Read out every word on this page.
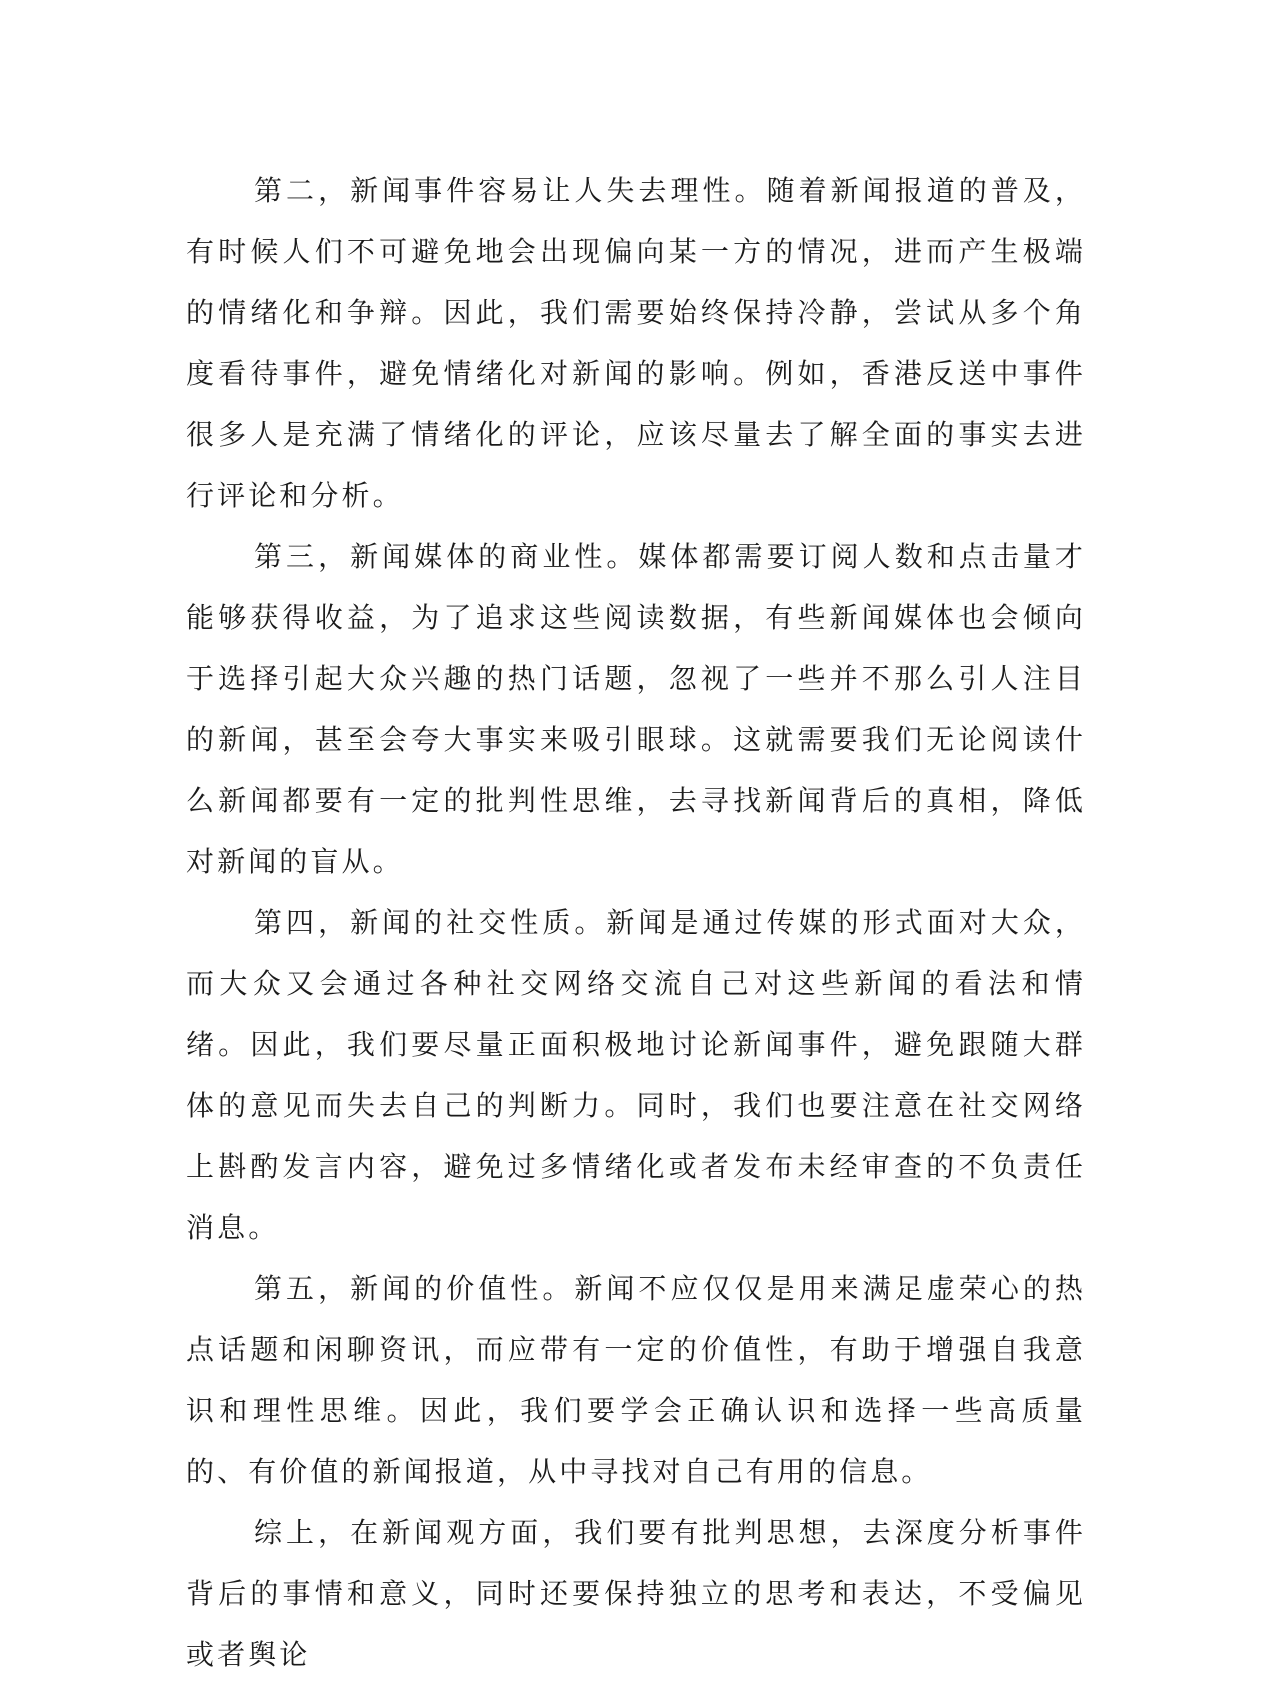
第二，新闻事件容易让人失去理性。随着新闻报道的普及，有时候人们不可避免地会出现偏向某一方的情况，进而产生极端的情绪化和争辩。因此，我们需要始终保持冷静，尝试从多个角度看待事件，避免情绪化对新闻的影响。例如，香港反送中事件很多人是充满了情绪化的评论，应该尽量去了解全面的事实去进行评论和分析。

第三，新闻媒体的商业性。媒体都需要订阅人数和点击量才能够获得收益，为了追求这些阅读数据，有些新闻媒体也会倾向于选择引起大众兴趣的热门话题，忽视了一些并不那么引人注目的新闻，甚至会夸大事实来吸引眼球。这就需要我们无论阅读什么新闻都要有一定的批判性思维，去寻找新闻背后的真相，降低对新闻的盲从。

第四，新闻的社交性质。新闻是通过传媒的形式面对大众，而大众又会通过各种社交网络交流自己对这些新闻的看法和情绪。因此，我们要尽量正面积极地讨论新闻事件，避免跟随大群体的意见而失去自己的判断力。同时，我们也要注意在社交网络上斟酌发言内容，避免过多情绪化或者发布未经审查的不负责任消息。

第五，新闻的价值性。新闻不应仅仅是用来满足虚荣心的热点话题和闲聊资讯，而应带有一定的价值性，有助于增强自我意识和理性思维。因此，我们要学会正确认识和选择一些高质量的、有价值的新闻报道，从中寻找对自己有用的信息。

综上，在新闻观方面，我们要有批判思想，去深度分析事件背后的事情和意义，同时还要保持独立的思考和表达，不受偏见或者舆论
